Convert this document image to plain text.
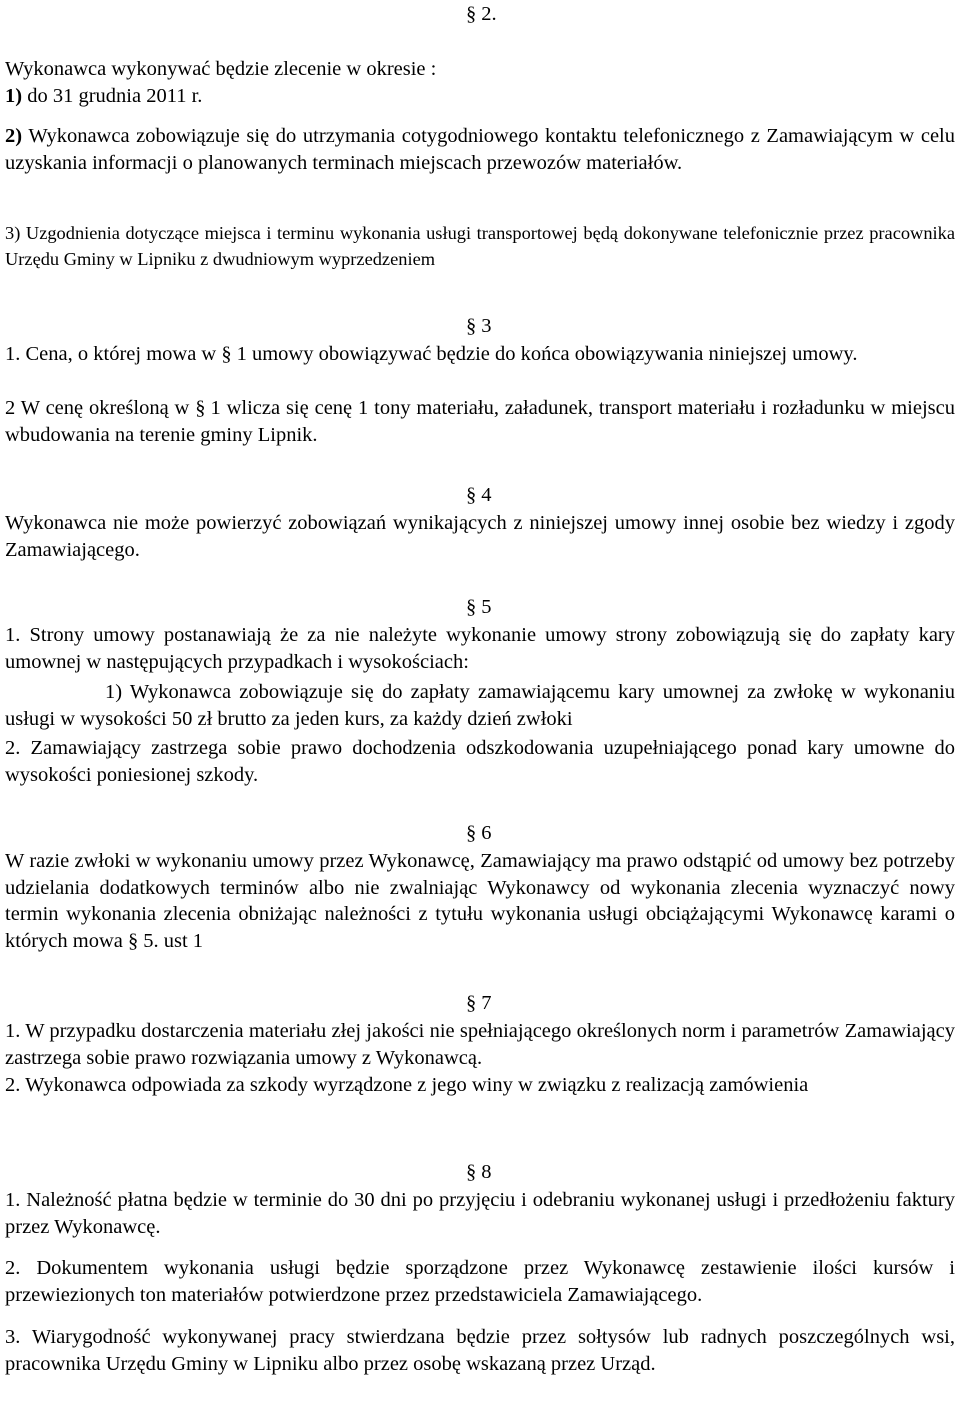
§ 2.
Wykonawca wykonywać będzie zlecenie w okresie :
1) do 31 grudnia 2011 r.
2) Wykonawca zobowiązuje się do utrzymania cotygodniowego kontaktu telefonicznego z Zamawiającym w celu uzyskania informacji o planowanych terminach miejscach przewozów materiałów.
3) Uzgodnienia dotyczące miejsca i terminu wykonania usługi transportowej będą dokonywane telefonicznie przez pracownika Urzędu Gminy w Lipniku z dwudniowym wyprzedzeniem
§ 3
1. Cena, o której mowa w § 1 umowy obowiązywać będzie do końca obowiązywania niniejszej umowy.
2 W cenę określoną w § 1 wlicza się cenę 1 tony materiału, załadunek, transport materiału i rozładunku w miejscu wbudowania na terenie gminy Lipnik.
§ 4
Wykonawca nie może powierzyć zobowiązań wynikających z niniejszej umowy innej osobie bez wiedzy i zgody Zamawiającego.
§ 5
1. Strony umowy postanawiają że za nie należyte wykonanie umowy strony zobowiązują się do zapłaty kary umownej w następujących przypadkach i wysokościach:
1) Wykonawca zobowiązuje się do zapłaty zamawiającemu kary umownej za zwłokę w wykonaniu usługi w wysokości 50 zł brutto za jeden kurs, za każdy dzień zwłoki
2. Zamawiający zastrzega sobie prawo dochodzenia odszkodowania uzupełniającego ponad kary umowne do wysokości poniesionej szkody.
§ 6
W razie zwłoki w wykonaniu umowy przez Wykonawcę, Zamawiający ma prawo odstąpić od umowy bez potrzeby udzielania dodatkowych terminów albo nie zwalniając Wykonawcy od wykonania zlecenia wyznaczyć nowy termin wykonania zlecenia obniżając należności z tytułu wykonania usługi obciążającymi Wykonawcę karami o których mowa § 5. ust 1
§ 7
1. W przypadku dostarczenia materiału złej jakości nie spełniającego określonych norm i parametrów Zamawiający zastrzega sobie prawo rozwiązania umowy z Wykonawcą.
2. Wykonawca odpowiada za szkody wyrządzone z jego winy w związku z realizacją zamówienia
§ 8
1. Należność płatna będzie w terminie do 30 dni po przyjęciu i odebraniu wykonanej usługi i przedłożeniu faktury przez Wykonawcę.
2. Dokumentem wykonania usługi będzie sporządzone przez Wykonawcę zestawienie ilości kursów i przewiezionych ton materiałów potwierdzone przez przedstawiciela Zamawiającego.
3. Wiarygodność wykonywanej pracy stwierdzana będzie przez sołtysów lub radnych poszczególnych wsi, pracownika Urzędu Gminy w Lipniku albo przez osobę wskazaną przez Urząd.
